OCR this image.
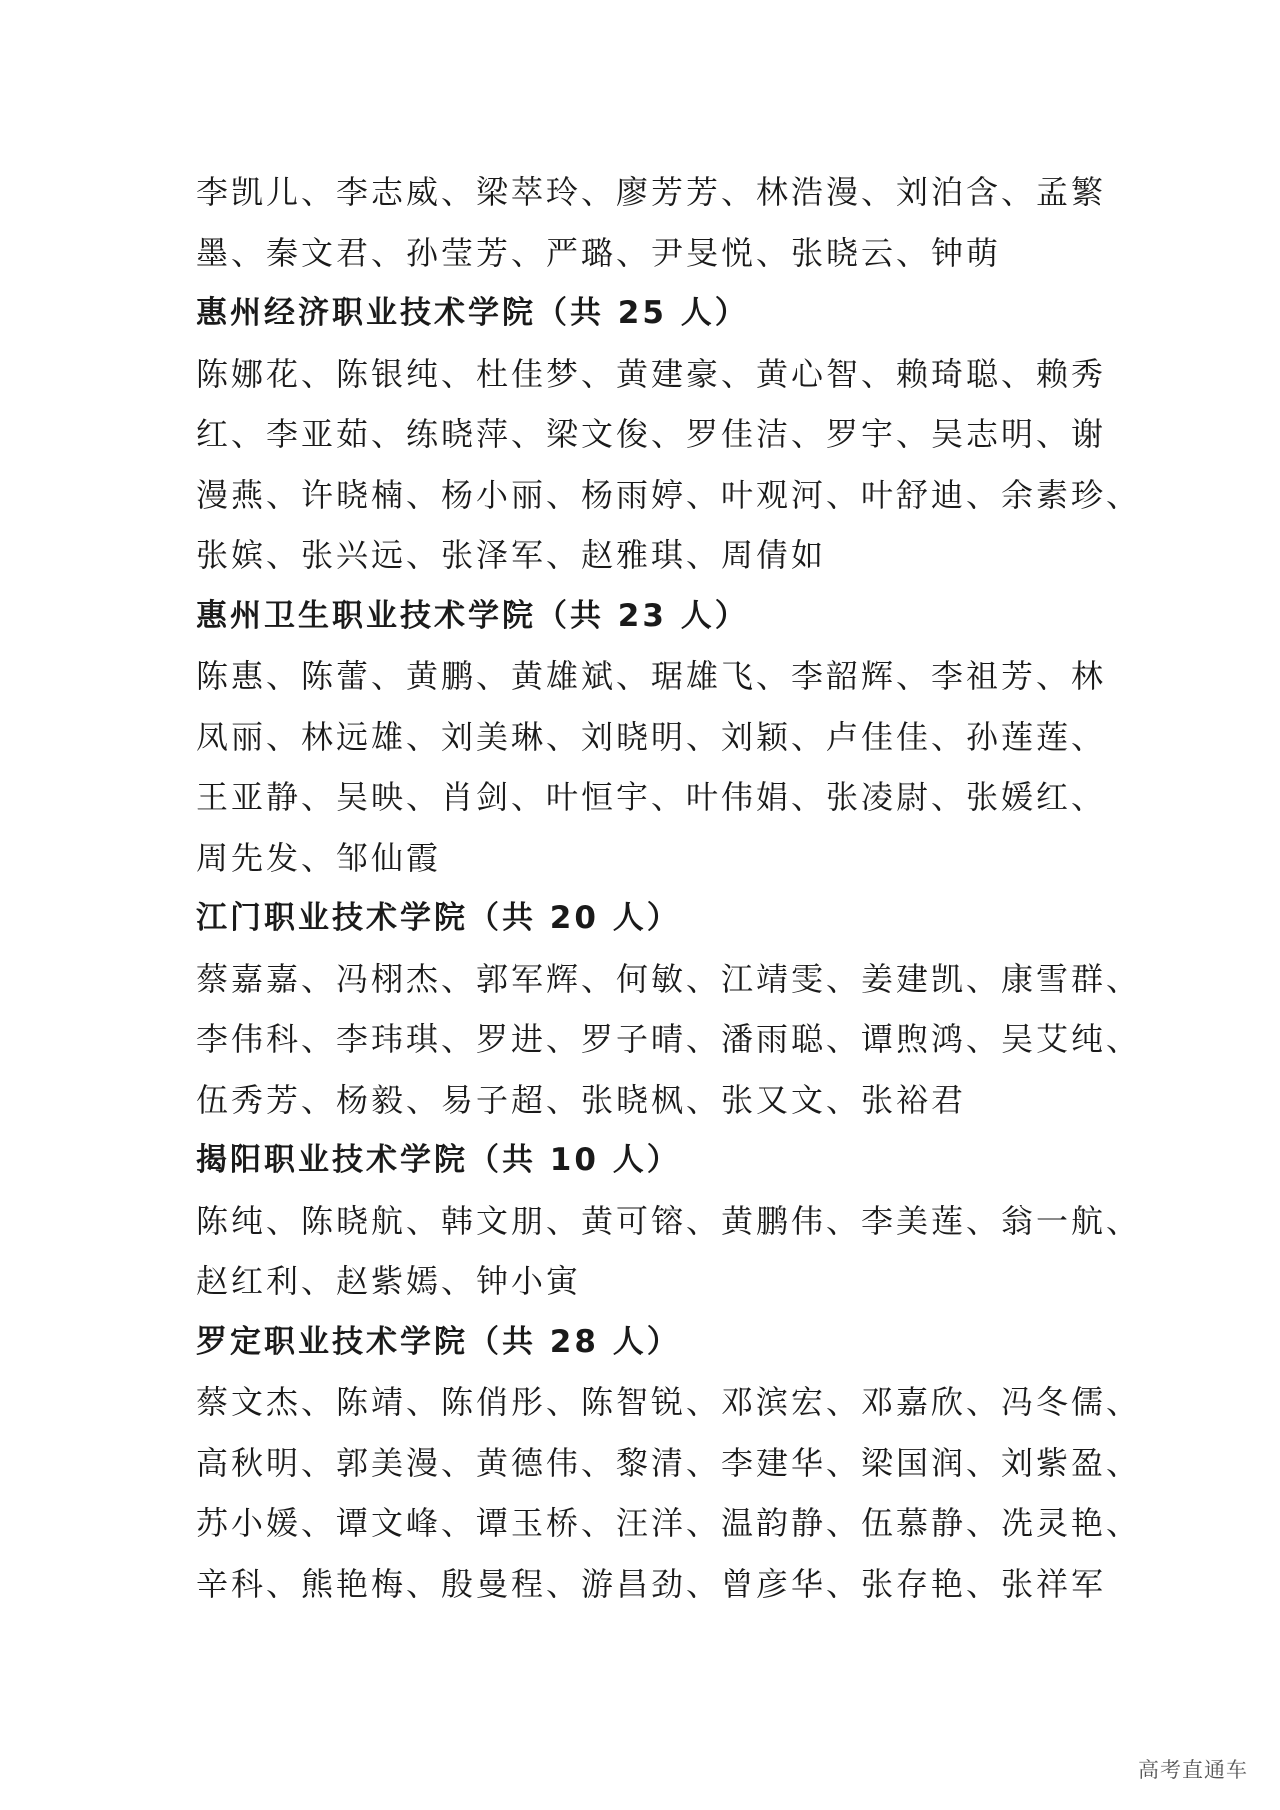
李凯儿、李志威、梁萃玲、廖芳芳、林浩漫、刘泊含、孟繁

墨、秦文君、孙莹芳、严璐、尹旻悦、张晓云、钟萌

惠州经济职业技术学院（共 25 人）

陈娜花、陈银纯、杜佳梦、黄建豪、黄心智、赖琦聪、赖秀

红、李亚茹、练晓萍、梁文俊、罗佳洁、罗宇、吴志明、谢

漫燕、许晓楠、杨小丽、杨雨婷、叶观河、叶舒迪、余素珍、

张嫔、张兴远、张泽军、赵雅琪、周倩如

惠州卫生职业技术学院（共 23 人）

陈惠、陈蕾、黄鹏、黄雄斌、琚雄飞、李韶辉、李祖芳、林

凤丽、林远雄、刘美琳、刘晓明、刘颖、卢佳佳、孙莲莲、

王亚静、吴映、肖剑、叶恒宇、叶伟娟、张凌尉、张媛红、

周先发、邹仙霞

江门职业技术学院（共 20 人）

蔡嘉嘉、冯栩杰、郭军辉、何敏、江靖雯、姜建凯、康雪群、

李伟科、李玮琪、罗进、罗子晴、潘雨聪、谭煦鸿、吴艾纯、

伍秀芳、杨毅、易子超、张晓枫、张又文、张裕君

揭阳职业技术学院（共 10 人）

陈纯、陈晓航、韩文朋、黄可镕、黄鹏伟、李美莲、翁一航、

赵红利、赵紫嫣、钟小寅

罗定职业技术学院（共 28 人）

蔡文杰、陈靖、陈俏彤、陈智锐、邓滨宏、邓嘉欣、冯冬儒、

高秋明、郭美漫、黄德伟、黎清、李建华、梁国润、刘紫盈、

苏小媛、谭文峰、谭玉桥、汪洋、温韵静、伍慕静、冼灵艳、

辛科、熊艳梅、殷曼程、游昌劲、曾彦华、张存艳、张祥军

高考直通车
